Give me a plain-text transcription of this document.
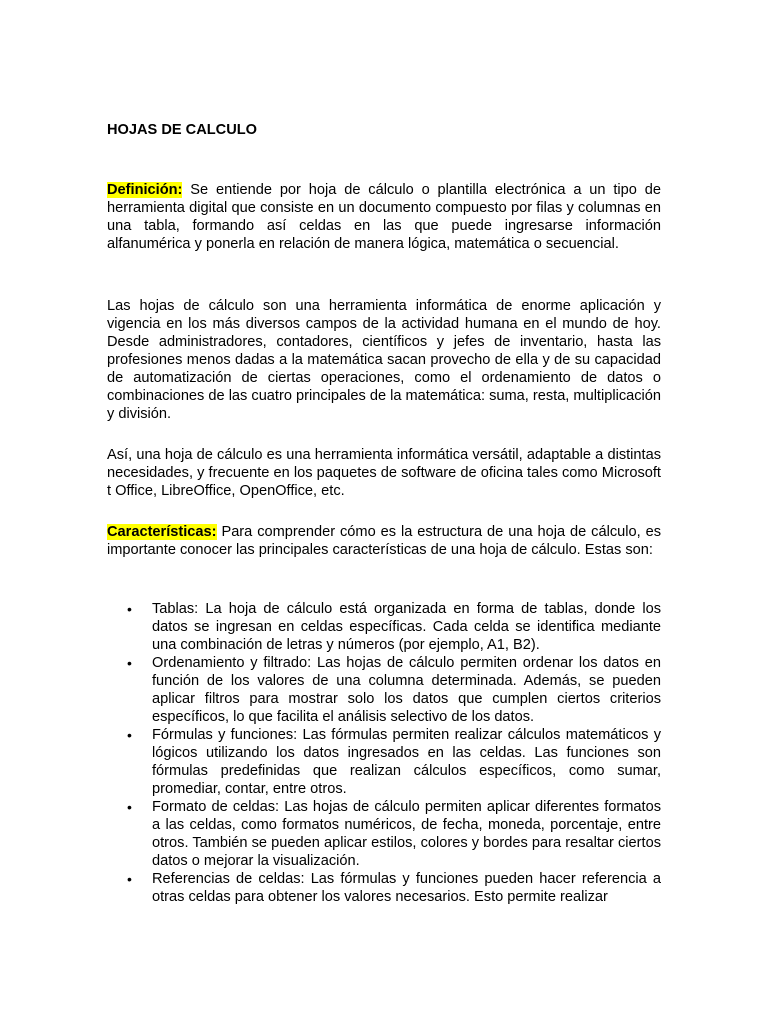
HOJAS DE CALCULO

Definición: Se entiende por hoja de cálculo o plantilla electrónica a un tipo de herramienta digital que consiste en un documento compuesto por filas y columnas en una tabla, formando así celdas en las que puede ingresarse información alfanumérica y ponerla en relación de manera lógica, matemática o secuencial.

Las hojas de cálculo son una herramienta informática de enorme aplicación y vigencia en los más diversos campos de la actividad humana en el mundo de hoy. Desde administradores, contadores, científicos y jefes de inventario, hasta las profesiones menos dadas a la matemática sacan provecho de ella y de su capacidad de automatización de ciertas operaciones, como el ordenamiento de datos o combinaciones de las cuatro principales de la matemática: suma, resta, multiplicación y división.

Así, una hoja de cálculo es una herramienta informática versátil, adaptable a distintas necesidades, y frecuente en los paquetes de software de oficina tales como Microsoft t Office, LibreOffice, OpenOffice, etc.

Características: Para comprender cómo es la estructura de una hoja de cálculo, es importante conocer las principales características de una hoja de cálculo. Estas son:

• Tablas: La hoja de cálculo está organizada en forma de tablas, donde los datos se ingresan en celdas específicas. Cada celda se identifica mediante una combinación de letras y números (por ejemplo, A1, B2).
• Ordenamiento y filtrado: Las hojas de cálculo permiten ordenar los datos en función de los valores de una columna determinada. Además, se pueden aplicar filtros para mostrar solo los datos que cumplen ciertos criterios específicos, lo que facilita el análisis selectivo de los datos.
• Fórmulas y funciones: Las fórmulas permiten realizar cálculos matemáticos y lógicos utilizando los datos ingresados en las celdas. Las funciones son fórmulas predefinidas que realizan cálculos específicos, como sumar, promediar, contar, entre otros.
• Formato de celdas: Las hojas de cálculo permiten aplicar diferentes formatos a las celdas, como formatos numéricos, de fecha, moneda, porcentaje, entre otros. También se pueden aplicar estilos, colores y bordes para resaltar ciertos datos o mejorar la visualización.
• Referencias de celdas: Las fórmulas y funciones pueden hacer referencia a otras celdas para obtener los valores necesarios. Esto permite realizar
